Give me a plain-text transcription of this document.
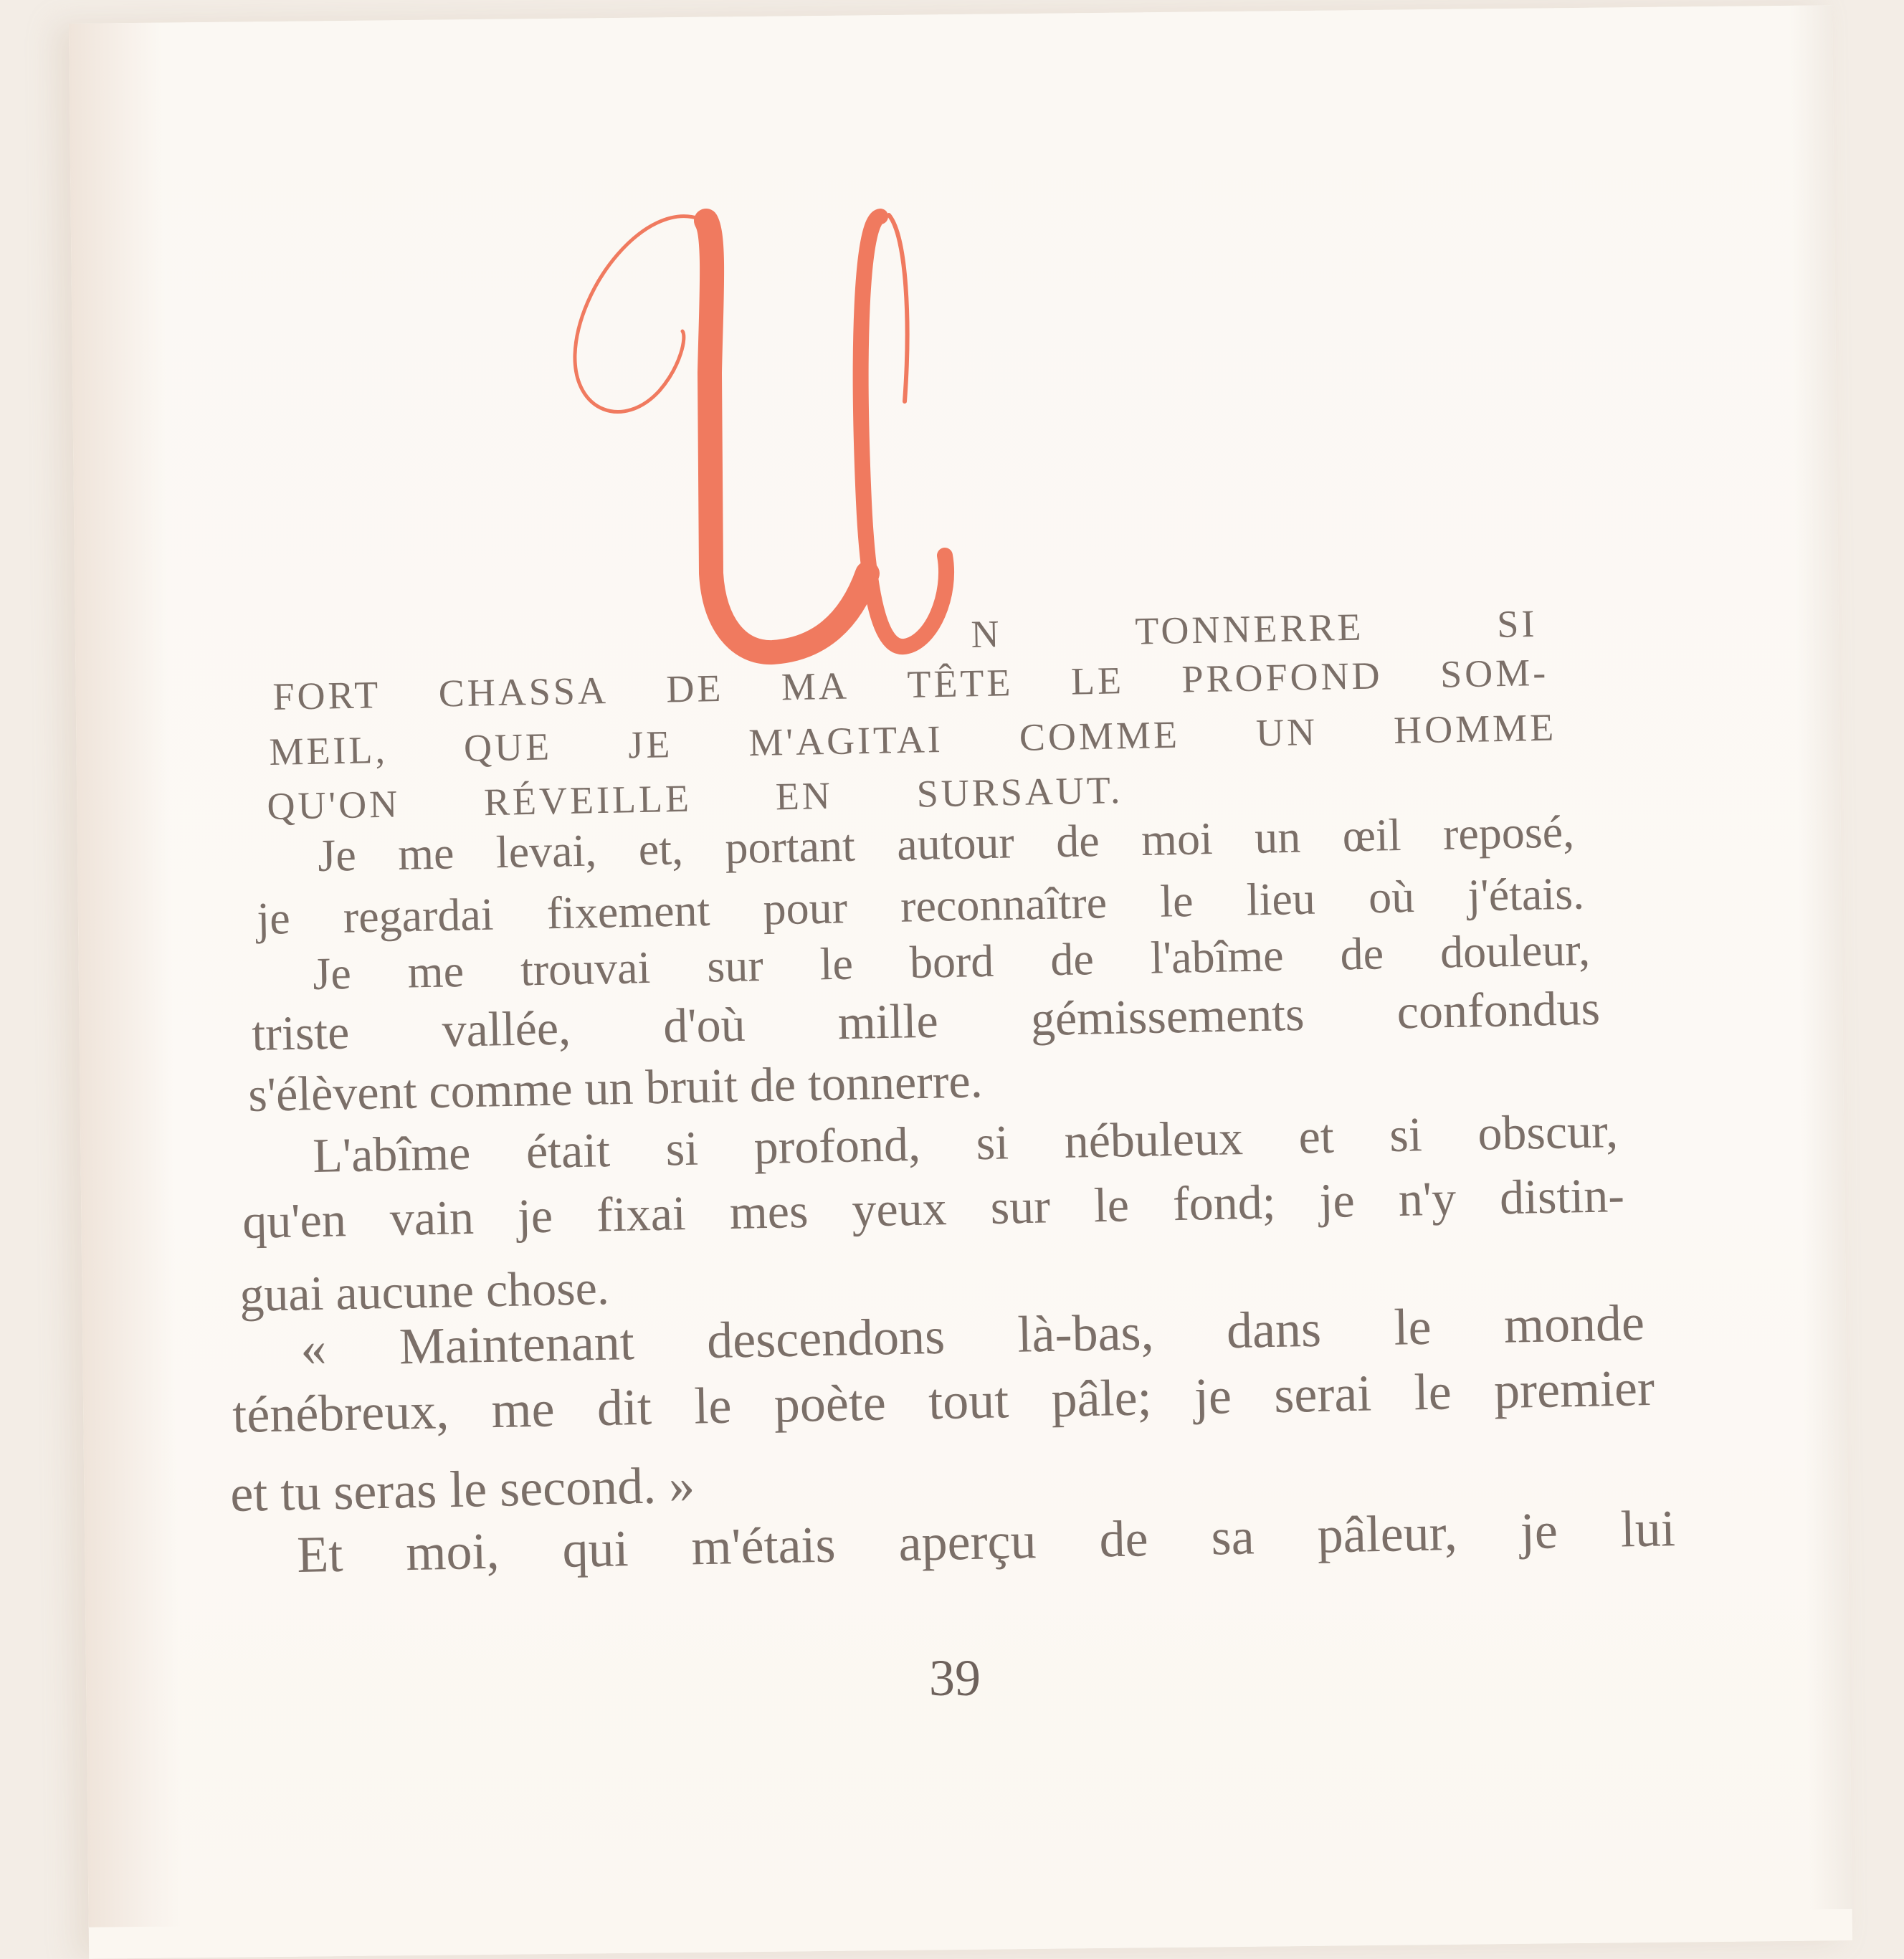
N	TONNERRE	SI
FORT CHASSA DE MA TÊTE LE PROFOND SOM-
MEIL, QUE JE M'AGITAI COMME UN HOMME
QU'ON RÉVEILLE EN SURSAUT.
Je me levai, et, portant autour de moi un œil reposé,
je regardai fixement pour reconnaître le lieu où j'étais.
Je me trouvai sur le bord de l'abîme de douleur,
triste vallée, d'où mille gémissements confondus
s'élèvent comme un bruit de tonnerre.
L'abîme était si profond, si nébuleux et si obscur,
qu'en vain je fixai mes yeux sur le fond; je n'y distin-
guai aucune chose.
« Maintenant descendons là-bas, dans le monde
ténébreux, me dit le poète tout pâle; je serai le premier
et tu seras le second. »
Et moi, qui m'étais aperçu de sa pâleur, je lui
39
